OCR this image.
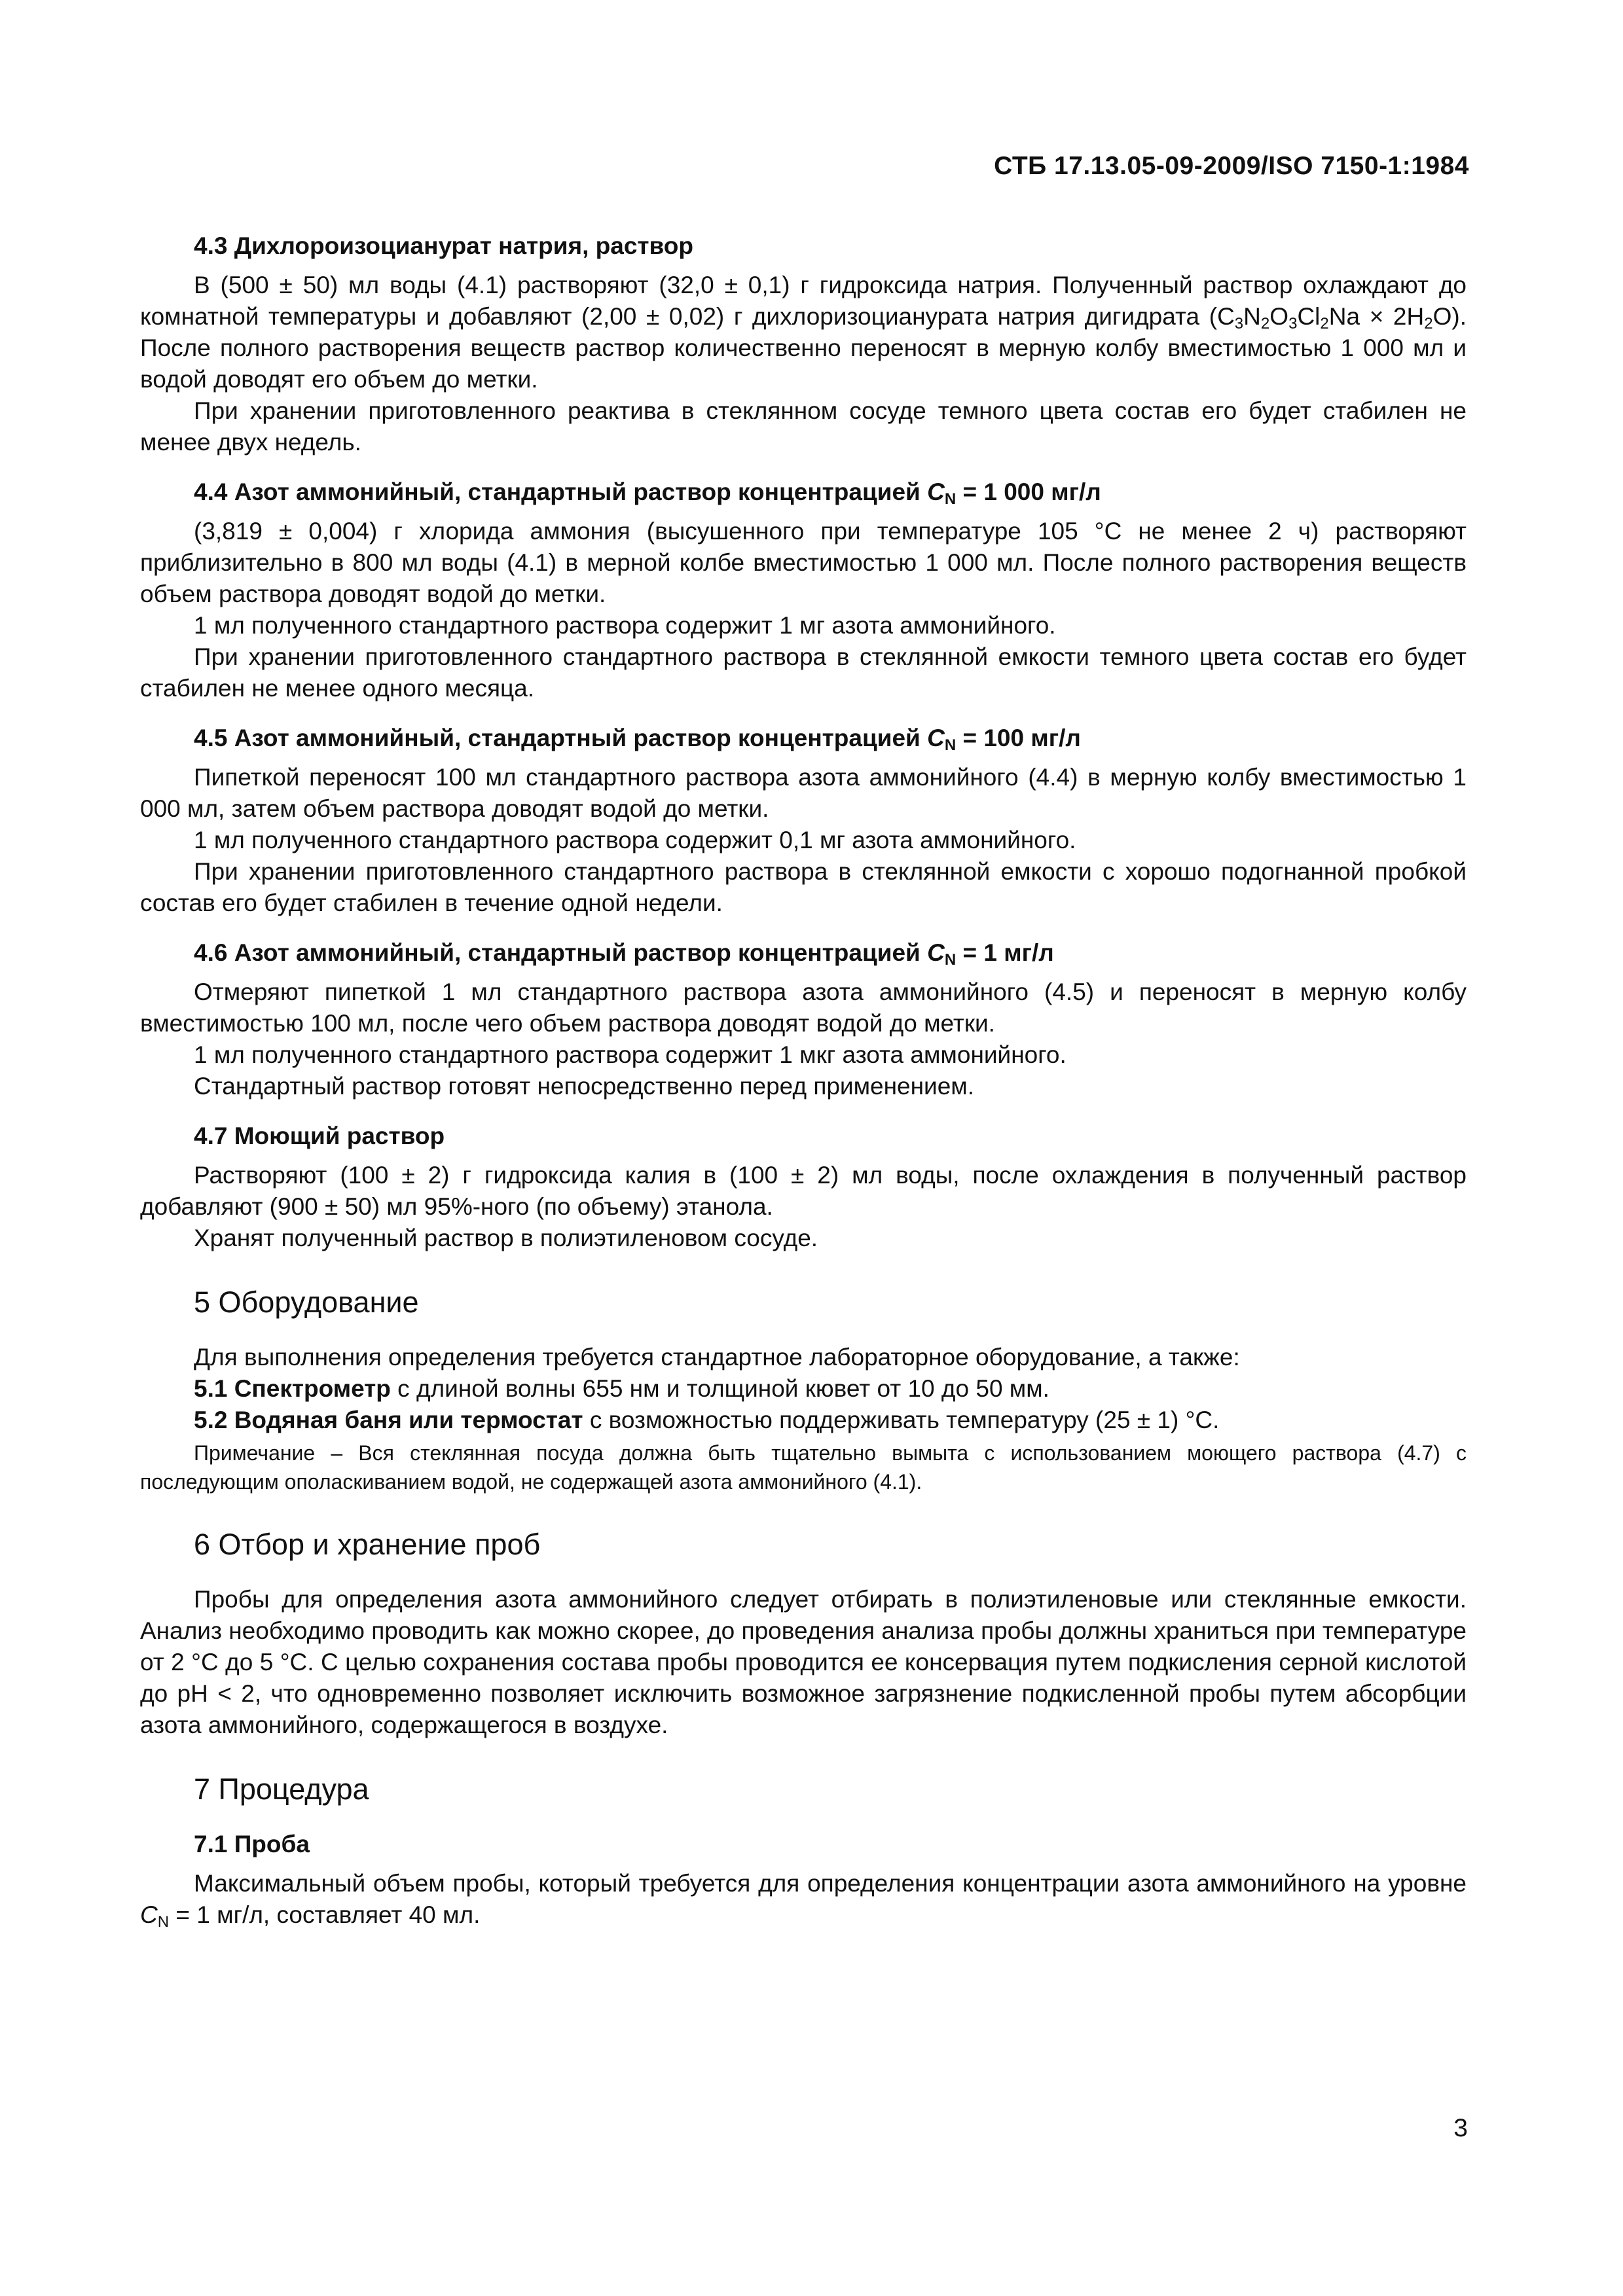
СТБ 17.13.05-09-2009/ISO 7150-1:1984
4.3 Дихлороизоцианурат натрия, раствор

В (500 ± 50) мл воды (4.1) растворяют (32,0 ± 0,1) г гидроксида натрия. Полученный раствор охлаждают до комнатной температуры и добавляют (2,00 ± 0,02) г дихлоризоцианурата натрия дигидрата $(C_3N_2O_3Cl_2Na \times 2H_2O)$. После полного растворения веществ раствор количественно переносят в мерную колбу вместимостью 1 000 мл и водой доводят его объем до метки.

При хранении приготовленного реактива в стеклянном сосуде темного цвета состав его будет стабилен не менее двух недель.

4.4 Азот аммонийный, стандартный раствор концентрацией $C_N = 1$ 000 мг/л

(3,819 ± 0,004) г хлорида аммония (высушенного при температуре 105 °С не менее 2 ч) растворяют приблизительно в 800 мл воды (4.1) в мерной колбе вместимостью 1 000 мл. После полного растворения веществ объем раствора доводят водой до метки.

1 мл полученного стандартного раствора содержит 1 мг азота аммонийного.

При хранении приготовленного стандартного раствора в стеклянной емкости темного цвета состав его будет стабилен не менее одного месяца.

4.5 Азот аммонийный, стандартный раствор концентрацией $C_N = 100$ мг/л

Пипеткой переносят 100 мл стандартного раствора азота аммонийного (4.4) в мерную колбу вместимостью 1 000 мл, затем объем раствора доводят водой до метки.

1 мл полученного стандартного раствора содержит 0,1 мг азота аммонийного.

При хранении приготовленного стандартного раствора в стеклянной емкости с хорошо подогнанной пробкой состав его будет стабилен в течение одной недели.

4.6 Азот аммонийный, стандартный раствор концентрацией $C_N = 1$ мг/л

Отмеряют пипеткой 1 мл стандартного раствора азота аммонийного (4.5) и переносят в мерную колбу вместимостью 100 мл, после чего объем раствора доводят водой до метки.

1 мл полученного стандартного раствора содержит 1 мкг азота аммонийного.

Стандартный раствор готовят непосредственно перед применением.

4.7 Моющий раствор

Растворяют (100 ± 2) г гидроксида калия в (100 ± 2) мл воды, после охлаждения в полученный раствор добавляют (900 ± 50) мл 95%-ного (по объему) этанола.

Хранят полученный раствор в полиэтиленовом сосуде.

5 Оборудование

Для выполнения определения требуется стандартное лабораторное оборудование, а также:

5.1 Спектрометр с длиной волны 655 нм и толщиной кювет от 10 до 50 мм.

5.2 Водяная баня или термостат с возможностью поддерживать температуру (25 ± 1) °С.

Примечание – Вся стеклянная посуда должна быть тщательно вымыта с использованием моющего раствора (4.7) с последующим ополаскиванием водой, не содержащей азота аммонийного (4.1).

6 Отбор и хранение проб

Пробы для определения азота аммонийного следует отбирать в полиэтиленовые или стеклянные емкости. Анализ необходимо проводить как можно скорее, до проведения анализа пробы должны храниться при температуре от 2 °С до 5 °С. С целью сохранения состава пробы проводится ее консервация путем подкисления серной кислотой до рН < 2, что одновременно позволяет исключить возможное загрязнение подкисленной пробы путем абсорбции азота аммонийного, содержащегося в воздухе.

7 Процедура
7.1 Проба

Максимальный объем пробы, который требуется для определения концентрации азота аммонийного на уровне $C_N = 1$ мг/л, составляет 40 мл.

3
